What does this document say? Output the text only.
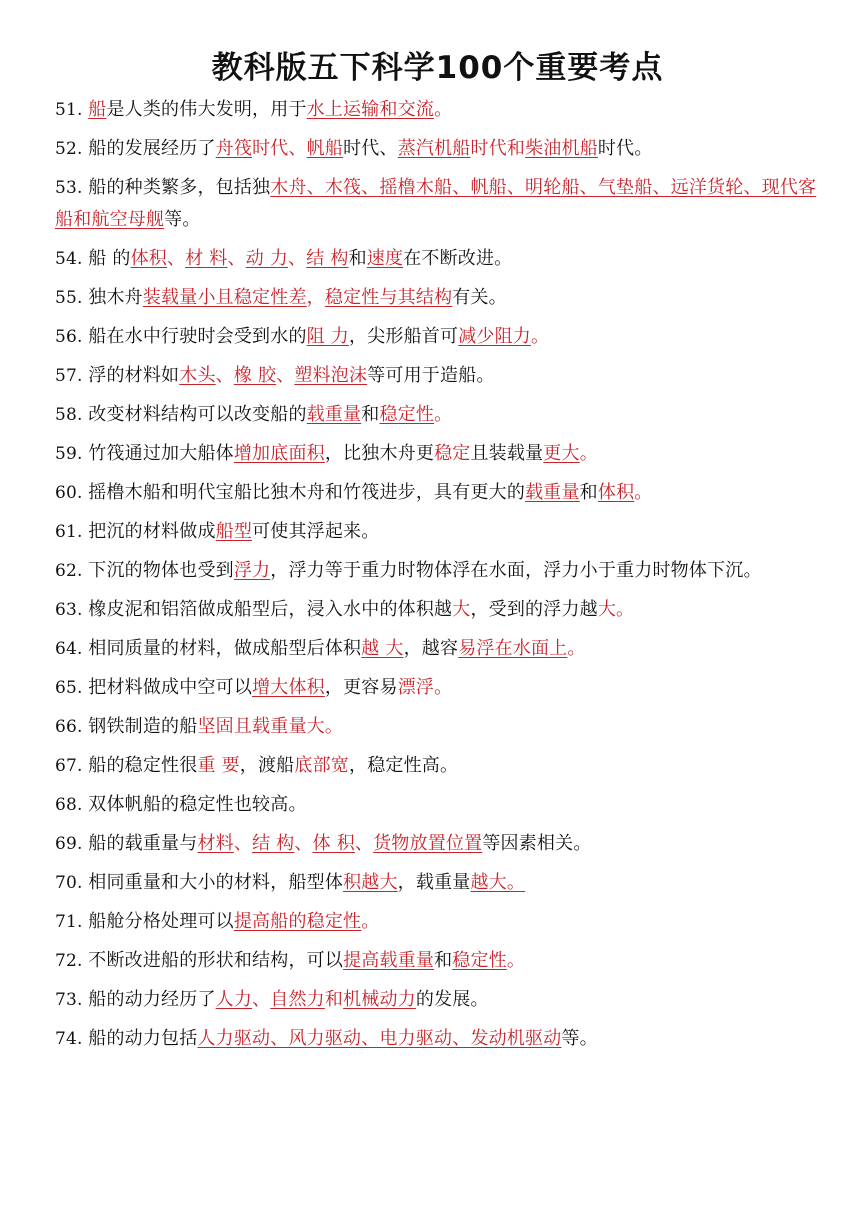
教科版五下科学100个重要考点

51. 船是人类的伟大发明，用于水上运输和交流。

52. 船的发展经历了舟筏时代、帆船时代、蒸汽机船时代和柴油机船时代。

53. 船的种类繁多，包括独木舟、木筏、摇橹木船、帆船、明轮船、气垫船、远洋货轮、现代客船和航空母舰等。

54. 船 的体积、材 料、动 力、结 构和速度在不断改进。

55. 独木舟装载量小且稳定性差，稳定性与其结构有关。

56. 船在水中行驶时会受到水的阻 力，尖形船首可减少阻力。

57. 浮的材料如木头、橡 胶、塑料泡沫等可用于造船。

58. 改变材料结构可以改变船的载重量和稳定性。

59. 竹筏通过加大船体增加底面积，比独木舟更稳定且装载量更大。

60. 摇橹木船和明代宝船比独木舟和竹筏进步，具有更大的载重量和体积。

61. 把沉的材料做成船型可使其浮起来。

62. 下沉的物体也受到浮力，浮力等于重力时物体浮在水面，浮力小于重力时物体下沉。

63. 橡皮泥和铝箔做成船型后，浸入水中的体积越大，受到的浮力越大。

64. 相同质量的材料，做成船型后体积越 大，越容易浮在水面上。

65. 把材料做成中空可以增大体积，更容易漂浮。

66. 钢铁制造的船坚固且载重量大。

67. 船的稳定性很重 要，渡船底部宽，稳定性高。

68. 双体帆船的稳定性也较高。

69. 船的载重量与材料、结 构、体 积、货物放置位置等因素相关。

70. 相同重量和大小的材料，船型体积越大，载重量越大。

71. 船舱分格处理可以提高船的稳定性。

72. 不断改进船的形状和结构，可以提高载重量和稳定性。

73. 船的动力经历了人力、自然力和机械动力的发展。

74. 船的动力包括人力驱动、风力驱动、电力驱动、发动机驱动等。
